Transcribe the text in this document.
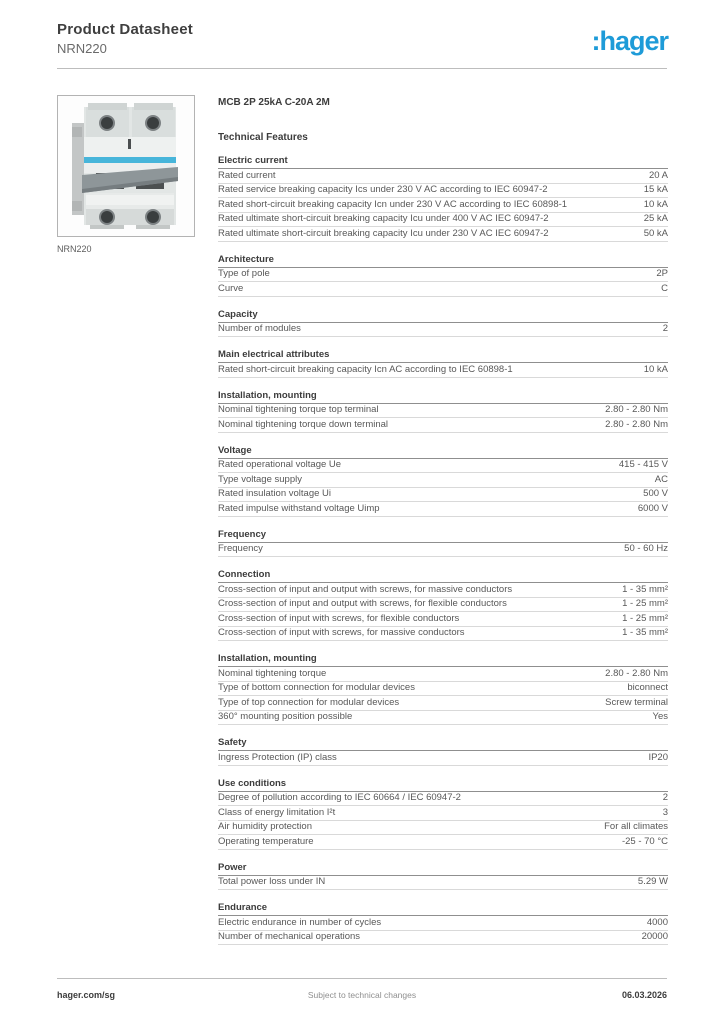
Product Datasheet
NRN220	:hager
NRN220
MCB 2P 25kA C-20A 2M
Technical Features
Electric current
Rated current	20 A
Rated service breaking capacity Ics under 230 V AC according to IEC 60947-2	15 kA
Rated short-circuit breaking capacity Icn under 230 V AC according to IEC 60898-1	10 kA
Rated ultimate short-circuit breaking capacity Icu under 400 V AC IEC 60947-2	25 kA
Rated ultimate short-circuit breaking capacity Icu under 230 V AC IEC 60947-2	50 kA
Architecture
Type of pole	2P
Curve	C
Capacity
Number of modules	2
Main electrical attributes
Rated short-circuit breaking capacity Icn AC according to IEC 60898-1	10 kA
Installation, mounting
Nominal tightening torque top terminal	2.80 - 2.80 Nm
Nominal tightening torque down terminal	2.80 - 2.80 Nm
Voltage
Rated operational voltage Ue	415 - 415 V
Type voltage supply	AC
Rated insulation voltage Ui	500 V
Rated impulse withstand voltage Uimp	6000 V
Frequency
Frequency	50 - 60 Hz
Connection
Cross-section of input and output with screws, for massive conductors	1 - 35 mm²
Cross-section of input and output with screws, for flexible conductors	1 - 25 mm²
Cross-section of input with screws, for flexible conductors	1 - 25 mm²
Cross-section of input with screws, for massive conductors	1 - 35 mm²
Installation, mounting
Nominal tightening torque	2.80 - 2.80 Nm
Type of bottom connection for modular devices	biconnect
Type of top connection for modular devices	Screw terminal
360° mounting position possible	Yes
Safety
Ingress Protection (IP) class	IP20
Use conditions
Degree of pollution according to IEC 60664 / IEC 60947-2	2
Class of energy limitation I²t	3
Air humidity protection	For all climates
Operating temperature	-25 - 70 °C
Power
Total power loss under IN	5.29 W
Endurance
Electric endurance in number of cycles	4000
Number of mechanical operations	20000
hager.com/sg	Subject to technical changes	06.03.2026
